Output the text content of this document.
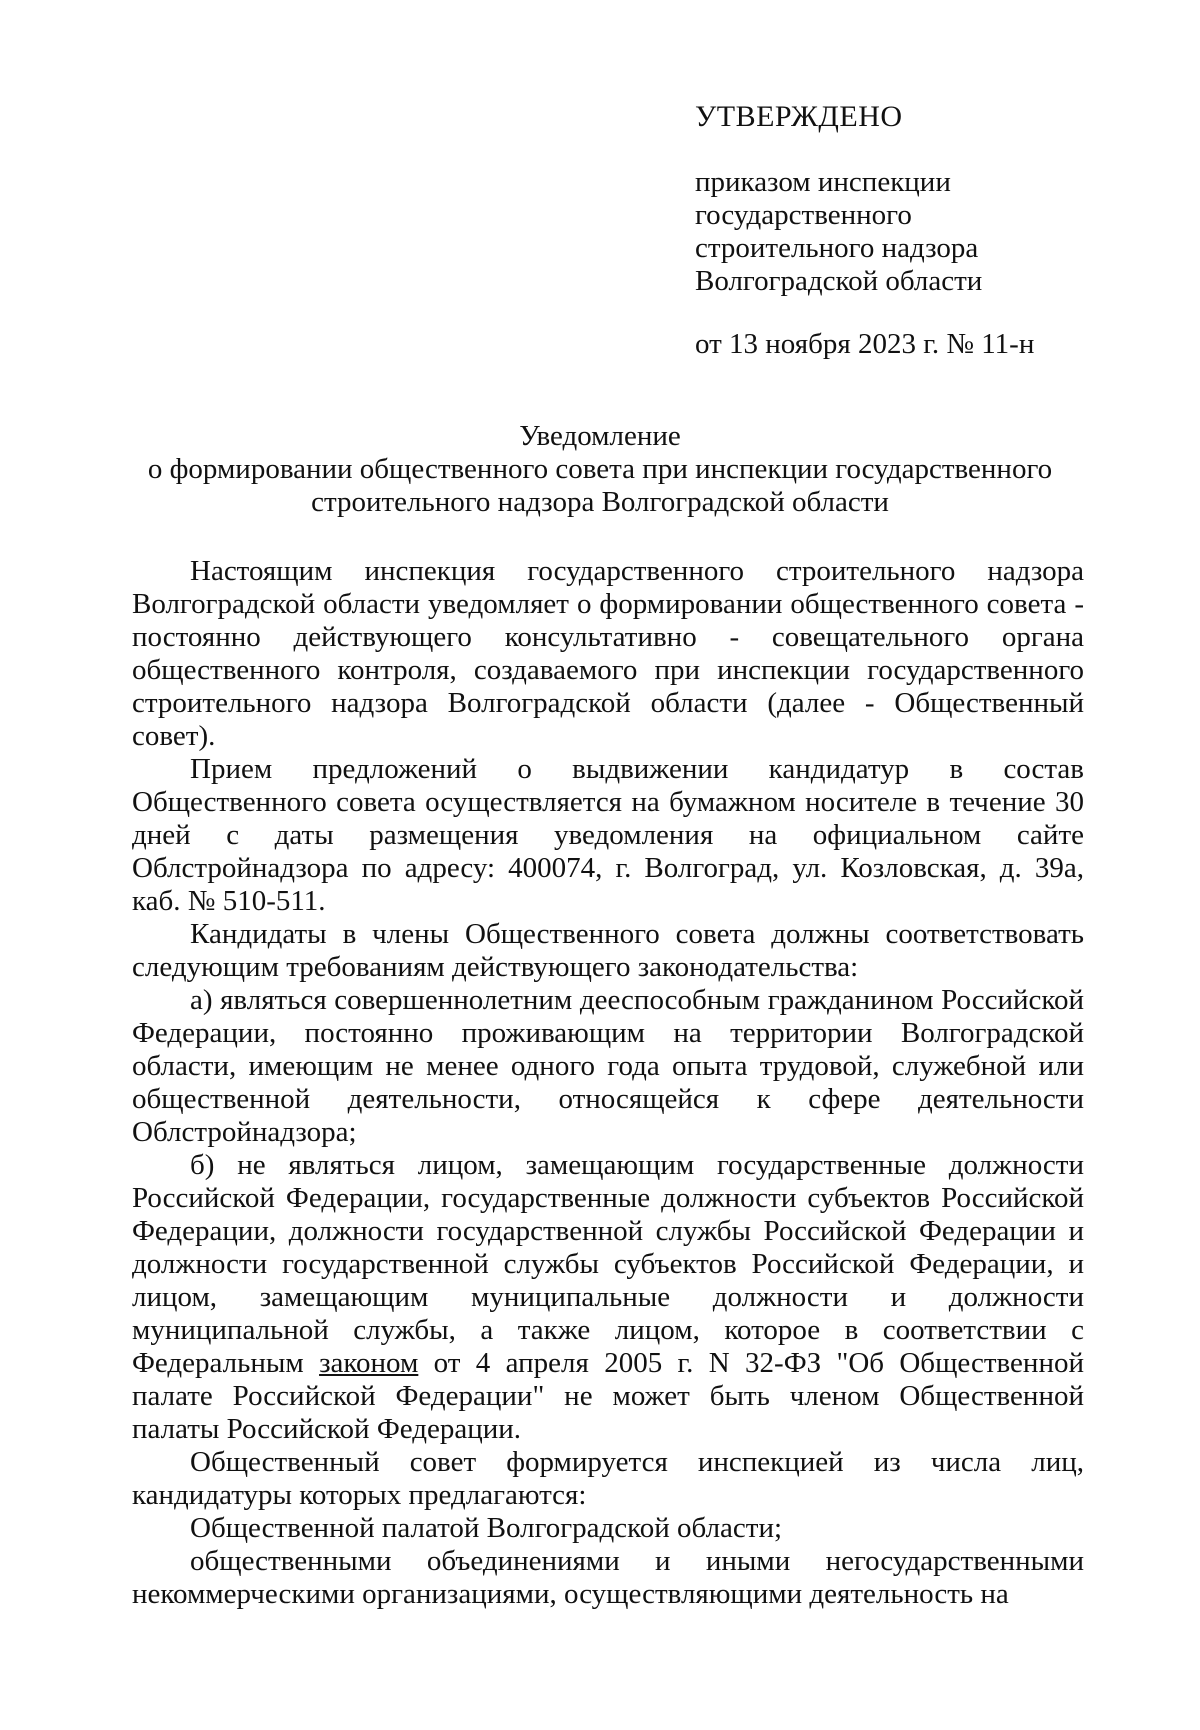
УТВЕРЖДЕНО
приказом инспекции
государственного
строительного надзора
Волгоградской области
от 13 ноября 2023 г. № 11-н
Уведомление
о формировании общественного совета при инспекции государственного
строительного надзора Волгоградской области

Настоящим инспекция государственного строительного надзора Волгоградской области уведомляет о формировании общественного совета - постоянно действующего консультативно - совещательного органа общественного контроля, создаваемого при инспекции государственного строительного надзора Волгоградской области (далее - Общественный совет).

Прием предложений о выдвижении кандидатур в состав Общественного совета осуществляется на бумажном носителе в течение 30 дней с даты размещения уведомления на официальном сайте Облстройнадзора по адресу: 400074, г. Волгоград, ул. Козловская, д. 39а, каб. № 510-511.

Кандидаты в члены Общественного совета должны соответствовать следующим требованиям действующего законодательства:

а) являться совершеннолетним дееспособным гражданином Российской Федерации, постоянно проживающим на территории Волгоградской области, имеющим не менее одного года опыта трудовой, служебной или общественной деятельности, относящейся к сфере деятельности Облстройнадзора;

б) не являться лицом, замещающим государственные должности Российской Федерации, государственные должности субъектов Российской Федерации, должности государственной службы Российской Федерации и должности государственной службы субъектов Российской Федерации, и лицом, замещающим муниципальные должности и должности муниципальной службы, а также лицом, которое в соответствии с Федеральным законом от 4 апреля 2005 г. N 32-ФЗ "Об Общественной палате Российской Федерации" не может быть членом Общественной палаты Российской Федерации.

Общественный совет формируется инспекцией из числа лиц, кандидатуры которых предлагаются:

Общественной палатой Волгоградской области;

общественными объединениями и иными негосударственными некоммерческими организациями, осуществляющими деятельность на
